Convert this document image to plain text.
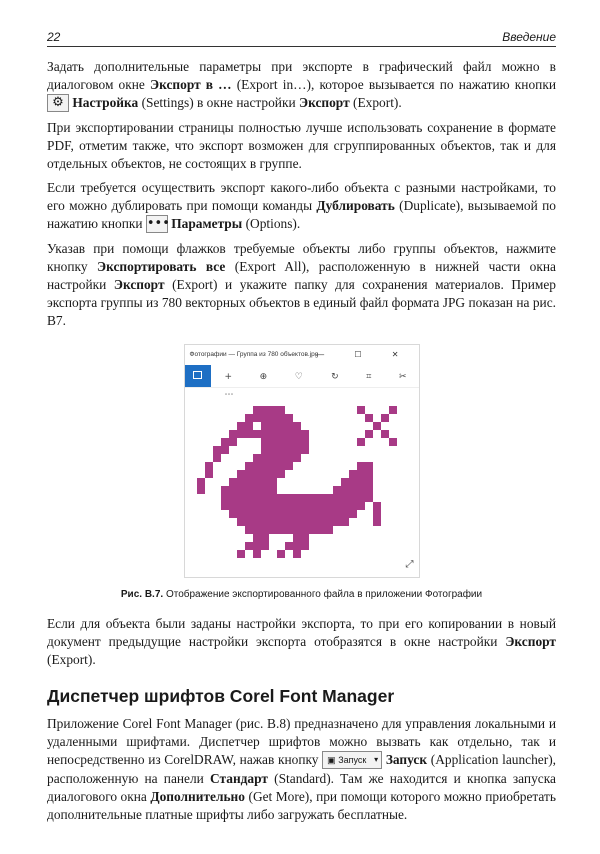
22	Введение

Задать дополнительные параметры при экспорте в графический файл можно в диалоговом окне Экспорт в … (Export in…), которое вызывается по нажатию кнопки ⚙ Настройка (Settings) в окне настройки Экспорт (Export).

При экспортировании страницы полностью лучше использовать сохранение в формате PDF, отметим также, что экспорт возможен для сгруппированных объектов, так и для отдельных объектов, не состоящих в группе.

Если требуется осуществить экспорт какого-либо объекта с разными настройками, то его можно дублировать при помощи команды Дублировать (Duplicate), вызываемой по нажатию кнопки ••• Параметры (Options).

Указав при помощи флажков требуемые объекты либо группы объектов, нажмите кнопку Экспортировать все (Export All), расположенную в нижней части окна настройки Экспорт (Export) и укажите папку для сохранения материалов. Пример экспорта группы из 780 векторных объектов в единый файл формата JPG показан на рис. В7.

Фотографии — Группа из 780 объектов.jpg
— ☐ ✕
+ ⊕ ♡ ↻ ⌗ ✂ ⋯
⤢
Рис. В.7. Отображение экспортированного файла в приложении Фотографии

Если для объекта были заданы настройки экспорта, то при его копировании в новый документ предыдущие настройки экспорта отобразятся в окне настройки Экспорт (Export).

Диспетчер шрифтов Corel Font Manager

Приложение Corel Font Manager (рис. В.8) предназначено для управления локальными и удаленными шрифтами. Диспетчер шрифтов можно вызвать как отдельно, так и непосредственно из CorelDRAW, нажав кнопку ▣ Запуск ▾ Запуск (Application launcher), расположенную на панели Стандарт (Standard). Там же находится и кнопка запуска диалогового окна Дополнительно (Get More), при помощи которого можно приобретать дополнительные платные шрифты либо загружать бесплатные.
